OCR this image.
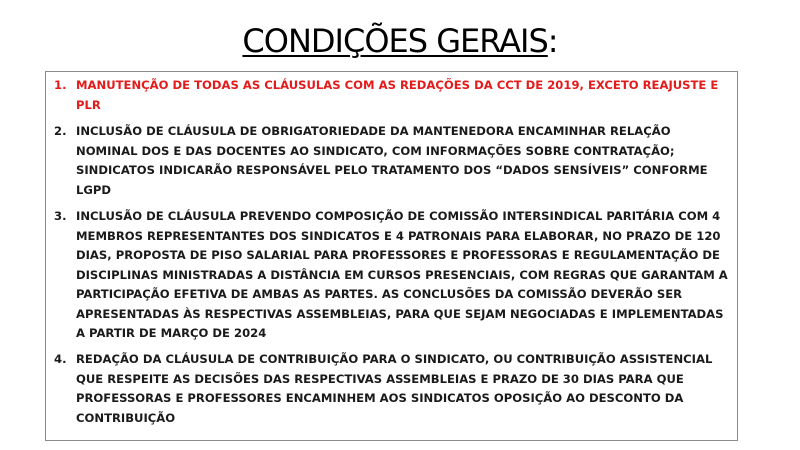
CONDIÇÕES GERAIS:
1. MANUTENÇÃO DE TODAS AS CLÁUSULAS COM AS REDAÇÕES DA CCT DE 2019, EXCETO REAJUSTE E PLR
2. INCLUSÃO DE CLÁUSULA DE OBRIGATORIEDADE DA MANTENEDORA ENCAMINHAR RELAÇÃO NOMINAL DOS E DAS DOCENTES AO SINDICATO, COM INFORMAÇÕES SOBRE CONTRATAÇÃO; SINDICATOS INDICARÃO RESPONSÁVEL PELO TRATAMENTO DOS “DADOS SENSÍVEIS” CONFORME LGPD
3. INCLUSÃO DE CLÁUSULA PREVENDO COMPOSIÇÃO DE COMISSÃO INTERSINDICAL PARITÁRIA COM 4 MEMBROS REPRESENTANTES DOS SINDICATOS E 4 PATRONAIS PARA ELABORAR, NO PRAZO DE 120 DIAS, PROPOSTA DE PISO SALARIAL PARA PROFESSORES E PROFESSORAS E REGULAMENTAÇÃO DE DISCIPLINAS MINISTRADAS A DISTÂNCIA EM CURSOS PRESENCIAIS, COM REGRAS QUE GARANTAM A PARTICIPAÇÃO EFETIVA DE AMBAS AS PARTES. AS CONCLUSÕES DA COMISSÃO DEVERÃO SER APRESENTADAS ÀS RESPECTIVAS ASSEMBLEIAS, PARA QUE SEJAM NEGOCIADAS E IMPLEMENTADAS A PARTIR DE MARÇO DE 2024
4. REDAÇÃO DA CLÁUSULA DE CONTRIBUIÇÃO PARA O SINDICATO, OU CONTRIBUIÇÃO ASSISTENCIAL QUE RESPEITE AS DECISÕES DAS RESPECTIVAS ASSEMBLEIAS E PRAZO DE 30 DIAS PARA QUE PROFESSORAS E PROFESSORES ENCAMINHEM AOS SINDICATOS OPOSIÇÃO AO DESCONTO DA CONTRIBUIÇÃO
